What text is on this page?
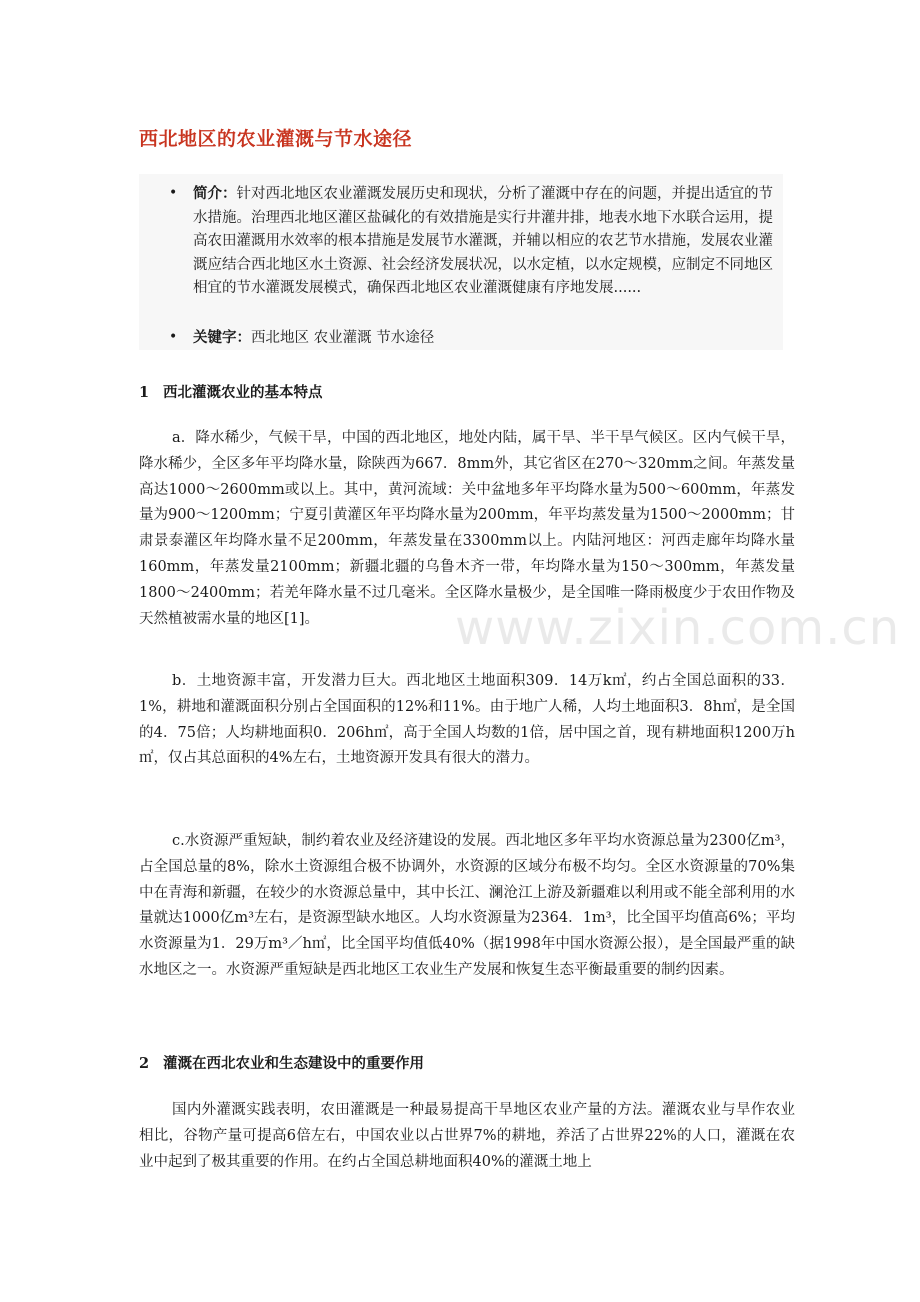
西北地区的农业灌溉与节水途径
• 简介：针对西北地区农业灌溉发展历史和现状，分析了灌溉中存在的问题，并提出适宜的节水措施。治理西北地区灌区盐碱化的有效措施是实行井灌井排，地表水地下水联合运用，提高农田灌溉用水效率的根本措施是发展节水灌溉，并辅以相应的农艺节水措施，发展农业灌溉应结合西北地区水土资源、社会经济发展状况，以水定植，以水定规模，应制定不同地区相宜的节水灌溉发展模式，确保西北地区农业灌溉健康有序地发展......
• 关键字：西北地区 农业灌溉 节水途径
1 西北灌溉农业的基本特点

a．降水稀少，气候干旱，中国的西北地区，地处内陆，属干旱、半干旱气候区。区内气候干旱，降水稀少，全区多年平均降水量，除陕西为667．8mm外，其它省区在270～320mm之间。年蒸发量高达1000～2600mm或以上。其中，黄河流域：关中盆地多年平均降水量为500～600mm，年蒸发量为900～1200mm；宁夏引黄灌区年平均降水量为200mm，年平均蒸发量为1500～2000mm；甘肃景泰灌区年均降水量不足200mm，年蒸发量在3300mm以上。内陆河地区：河西走廊年均降水量160mm，年蒸发量2100mm；新疆北疆的乌鲁木齐一带，年均降水量为150～300mm，年蒸发量1800～2400mm；若羌年降水量不过几毫米。全区降水量极少，是全国唯一降雨极度少于农田作物及天然植被需水量的地区[1]。

b．土地资源丰富，开发潜力巨大。西北地区土地面积309．14万k㎡，约占全国总面积的33．1%，耕地和灌溉面积分别占全国面积的12%和11%。由于地广人稀，人均土地面积3．8h㎡，是全国的4．75倍；人均耕地面积0．206h㎡，高于全国人均数的1倍，居中国之首，现有耕地面积1200万h㎡，仅占其总面积的4%左右，土地资源开发具有很大的潜力。

c.水资源严重短缺，制约着农业及经济建设的发展。西北地区多年平均水资源总量为2300亿m³，占全国总量的8%，除水土资源组合极不协调外，水资源的区域分布极不均匀。全区水资源量的70%集中在青海和新疆，在较少的水资源总量中，其中长江、澜沧江上游及新疆难以利用或不能全部利用的水量就达1000亿m³左右，是资源型缺水地区。人均水资源量为2364．1m³，比全国平均值高6%；平均水资源量为1．29万m³／h㎡，比全国平均值低40%（据1998年中国水资源公报），是全国最严重的缺水地区之一。水资源严重短缺是西北地区工农业生产发展和恢复生态平衡最重要的制约因素。

2 灌溉在西北农业和生态建设中的重要作用

国内外灌溉实践表明，农田灌溉是一种最易提高干旱地区农业产量的方法。灌溉农业与旱作农业相比，谷物产量可提高6倍左右，中国农业以占世界7%的耕地，养活了占世界22%的人口，灌溉在农业中起到了极其重要的作用。在约占全国总耕地面积40%的灌溉土地上

www.zixin.com.cn
